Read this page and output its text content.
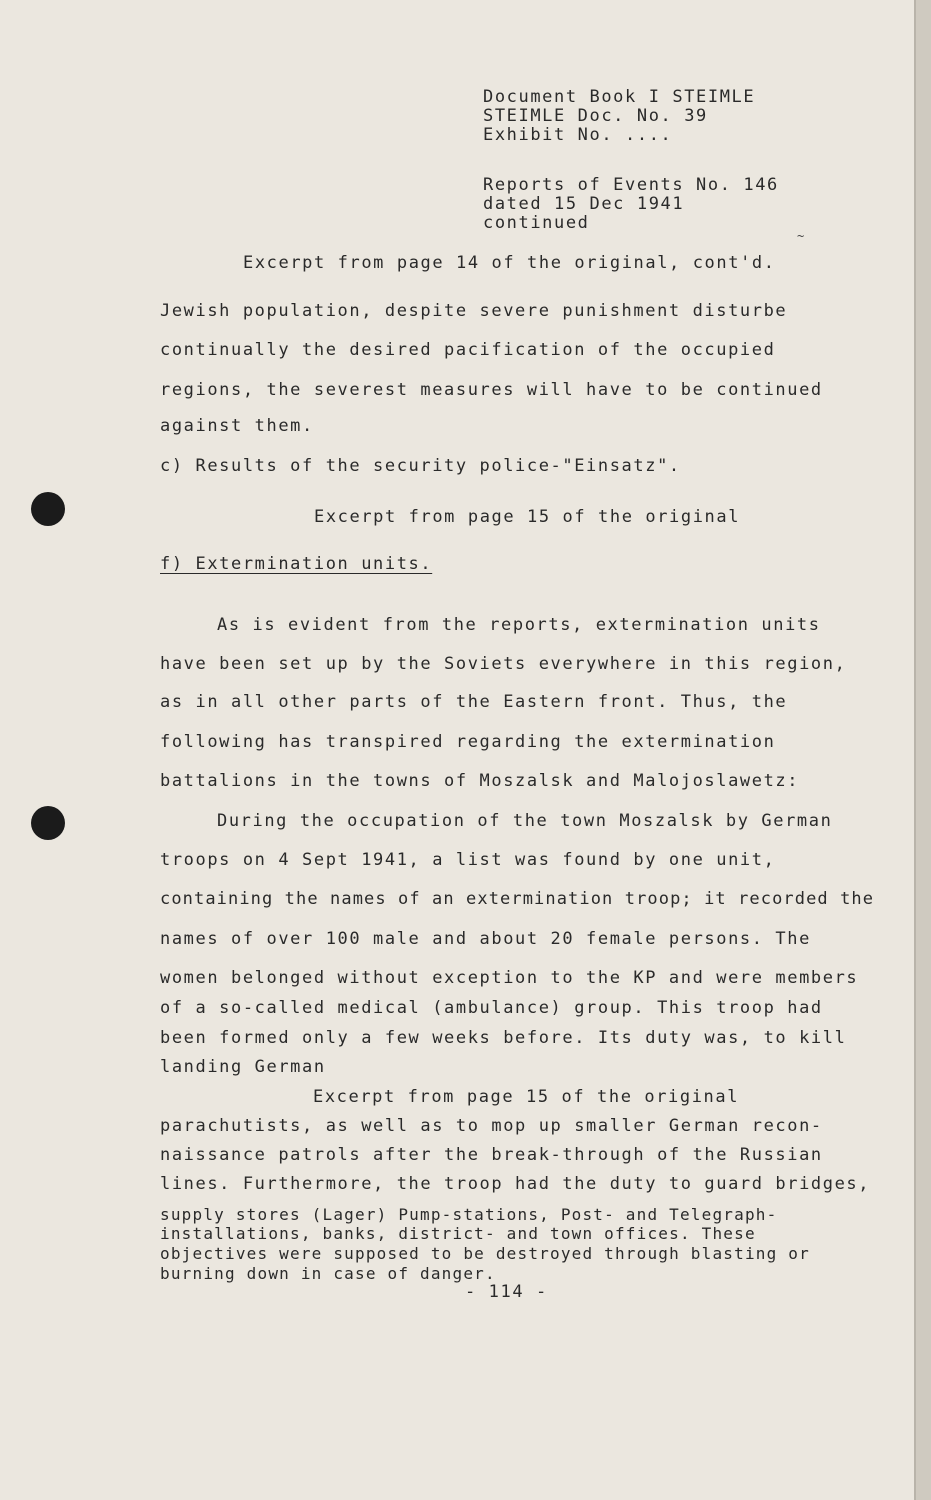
Document Book I STEIMLE

STEIMLE Doc. No. 39

Exhibit No. ....

Reports of Events No. 146

dated 15 Dec 1941

continued

~

Excerpt from page 14 of the original, cont'd.

Jewish population, despite severe punishment disturbe

continually the desired pacification of the occupied

regions, the severest measures will have to be continued

against them.

c) Results of the security police-"Einsatz".

Excerpt from page 15 of the original

f) Extermination units.

As is evident from the reports, extermination units

have been set up by the Soviets everywhere in this region,

as in all other parts of the Eastern front. Thus, the

following has transpired regarding the extermination

battalions in the towns of Moszalsk and Malojoslawetz:

During the occupation of the town Moszalsk by German

troops on 4 Sept 1941, a list was found by one unit,

containing the names of an extermination troop; it recorded the

names of over 100 male and about 20 female persons. The

women belonged without exception to the KP and were members

of a so-called medical (ambulance) group. This troop had

been formed only a few weeks before. Its duty was, to kill

landing German

Excerpt from page 15 of the original

parachutists, as well as to mop up smaller German recon-

naissance patrols after the break-through of the Russian

lines. Furthermore, the troop had the duty to guard bridges,

supply stores (Lager) Pump-stations, Post- and Telegraph-

installations, banks, district- and town offices. These

objectives were supposed to be destroyed through blasting or

burning down in case of danger.

- 114 -
